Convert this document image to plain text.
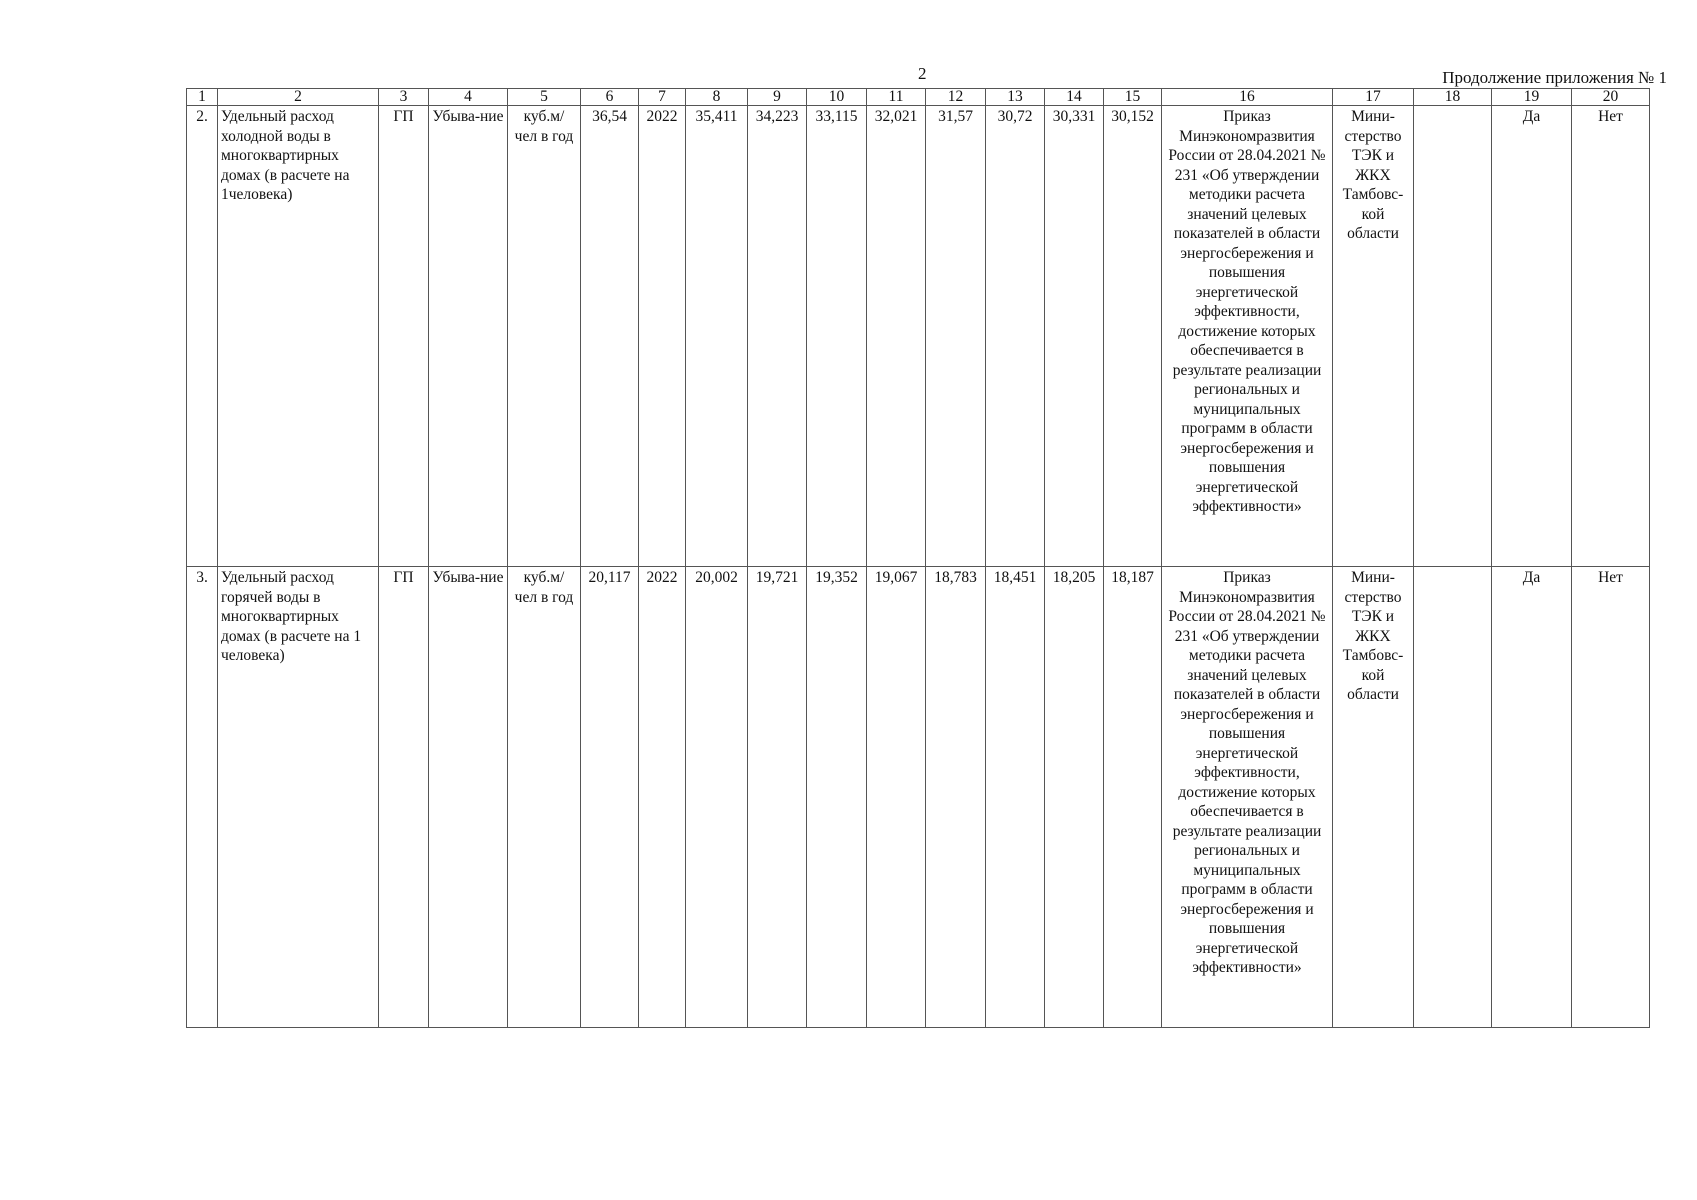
2	Продолжение приложения № 1
1	2	3	4	5	6	7	8	9	10	11	12	13	14	15	16	17	18	19	20
2.	Удельный расход холодной воды в многоквартирных домах (в расчете на 1человека)	ГП	Убыва-ние	куб.м/ чел в год	36,54	2022	35,411	34,223	33,115	32,021	31,57	30,72	30,331	30,152	Приказ Минэкономразвития России от 28.04.2021 № 231 «Об утверждении методики расчета значений целевых показателей в области энергосбережения и повышения энергетической эффективности, достижение которых обеспечивается в результате реализации региональных и муниципальных программ в области энергосбережения и повышения энергетической эффективности»	Мини-стерство ТЭК и ЖКХ Тамбовс-кой области		Да	Нет
3.	Удельный расход горячей воды в многоквартирных домах (в расчете на 1 человека)	ГП	Убыва-ние	куб.м/ чел в год	20,117	2022	20,002	19,721	19,352	19,067	18,783	18,451	18,205	18,187	Приказ Минэкономразвития России от 28.04.2021 № 231 «Об утверждении методики расчета значений целевых показателей в области энергосбережения и повышения энергетической эффективности, достижение которых обеспечивается в результате реализации региональных и муниципальных программ в области энергосбережения и повышения энергетической эффективности»	Мини-стерство ТЭК и ЖКХ Тамбовс-кой области		Да	Нет
